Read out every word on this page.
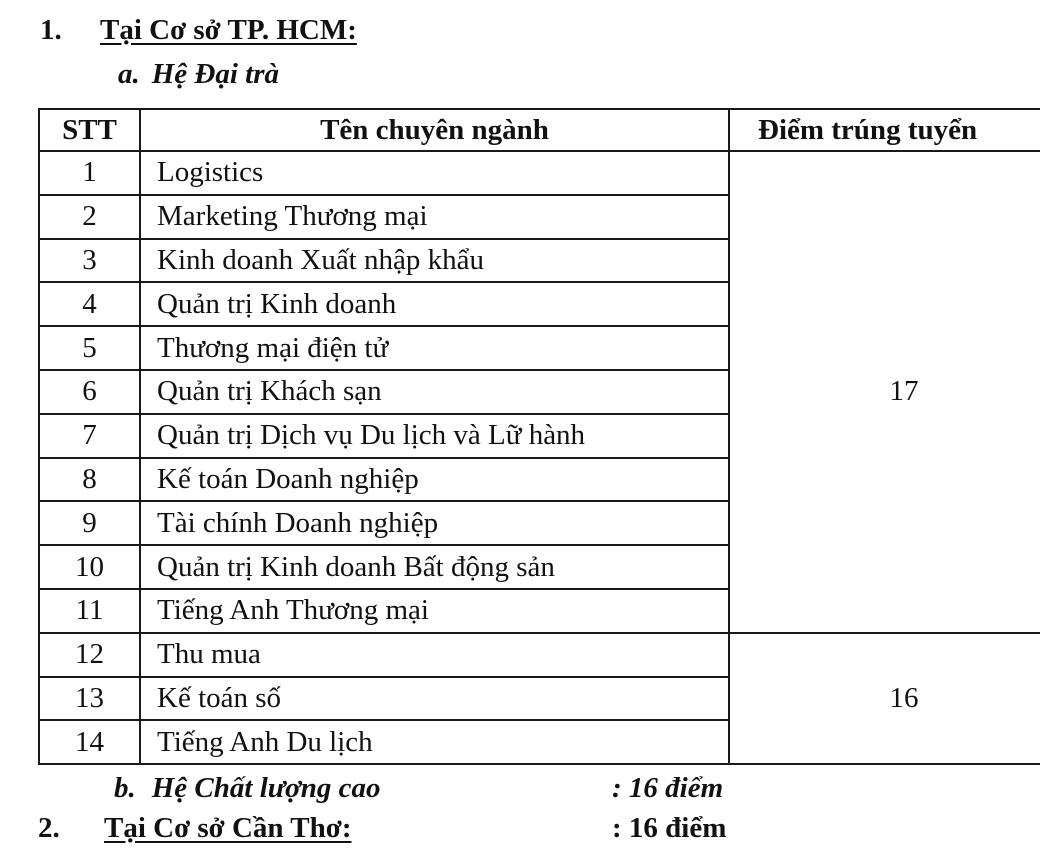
1. Tại Cơ sở TP. HCM:
a. Hệ Đại trà
STT	Tên chuyên ngành	Điểm trúng tuyển
1	Logistics	17
2	Marketing Thương mại	
3	Kinh doanh Xuất nhập khẩu	
4	Quản trị Kinh doanh	
5	Thương mại điện tử	
6	Quản trị Khách sạn	
7	Quản trị Dịch vụ Du lịch và Lữ hành	
8	Kế toán Doanh nghiệp	
9	Tài chính Doanh nghiệp	
10	Quản trị Kinh doanh Bất động sản	
11	Tiếng Anh Thương mại	
12	Thu mua	16
13	Kế toán số	
14	Tiếng Anh Du lịch	
b. Hệ Chất lượng cao	: 16 điểm
2. Tại Cơ sở Cần Thơ:	: 16 điểm
